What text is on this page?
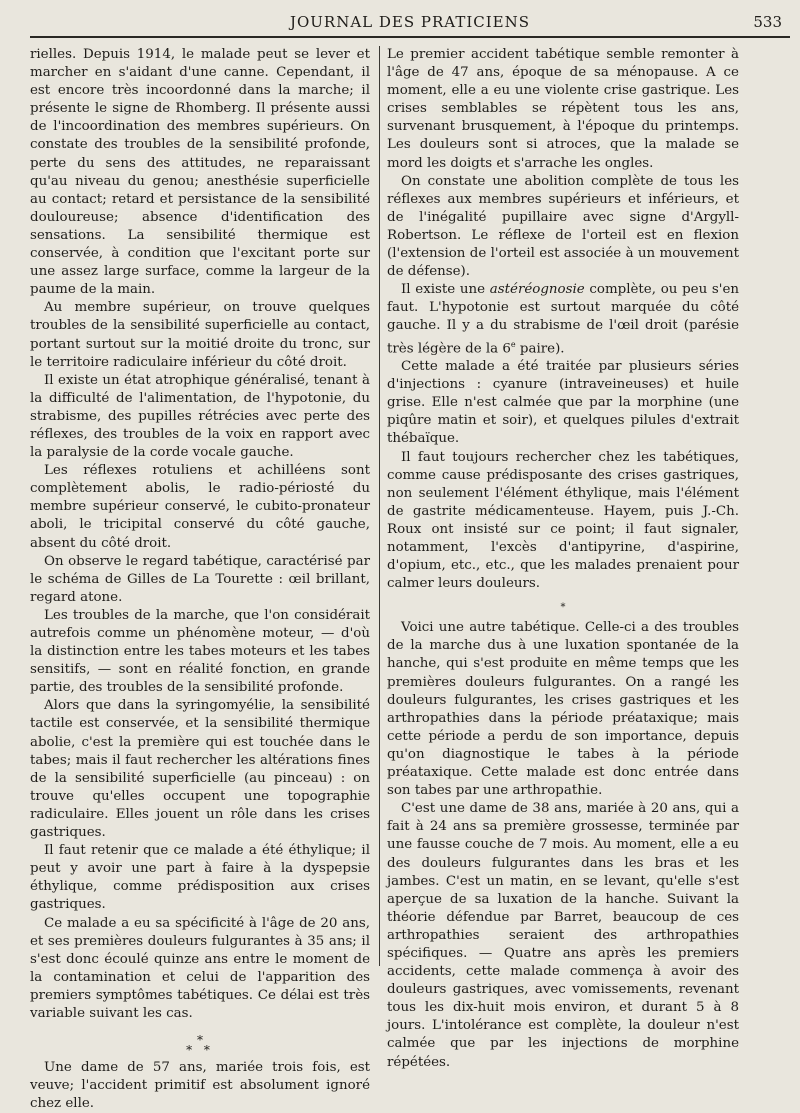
JOURNAL DES PRATICIENS	533

rielles. Depuis 1914, le malade peut se lever et marcher en s'aidant d'une canne. Cependant, il est encore très incoordonné dans la marche; il présente le signe de Rhomberg. Il présente aussi de l'incoordination des membres supérieurs. On constate des troubles de la sensibilité profonde, perte du sens des attitudes, ne reparaissant qu'au niveau du genou; anesthésie superficielle au contact; retard et persistance de la sensibilité douloureuse; absence d'identification des sensations. La sensibilité thermique est conservée, à condition que l'excitant porte sur une assez large surface, comme la largeur de la paume de la main.

Au membre supérieur, on trouve quelques troubles de la sensibilité superficielle au contact, portant surtout sur la moitié droite du tronc, sur le territoire radiculaire inférieur du côté droit.

Il existe un état atrophique généralisé, tenant à la difficulté de l'alimentation, de l'hypotonie, du strabisme, des pupilles rétrécies avec perte des réflexes, des troubles de la voix en rapport avec la paralysie de la corde vocale gauche.

Les réflexes rotuliens et achilléens sont complètement abolis, le radio-périosté du membre supérieur conservé, le cubito-pronateur aboli, le tricipital conservé du côté gauche, absent du côté droit.

On observe le regard tabétique, caractérisé par le schéma de Gilles de La Tourette : œil brillant, regard atone.

Les troubles de la marche, que l'on considérait autrefois comme un phénomène moteur, — d'où la distinction entre les tabes moteurs et les tabes sensitifs, — sont en réalité fonction, en grande partie, des troubles de la sensibilité profonde.

Alors que dans la syringomyélie, la sensibilité tactile est conservée, et la sensibilité thermique abolie, c'est la première qui est touchée dans le tabes; mais il faut rechercher les altérations fines de la sensibilité superficielle (au pinceau) : on trouve qu'elles occupent une topographie radiculaire. Elles jouent un rôle dans les crises gastriques.

Il faut retenir que ce malade a été éthylique; il peut y avoir une part à faire à la dyspepsie éthylique, comme prédisposition aux crises gastriques.

Ce malade a eu sa spécificité à l'âge de 20 ans, et ses premières douleurs fulgurantes à 35 ans; il s'est donc écoulé quinze ans entre le moment de la contamination et celui de l'apparition des premiers symptômes tabétiques. Ce délai est très variable suivant les cas.

*
* *

Une dame de 57 ans, mariée trois fois, est veuve; l'accident primitif est absolument ignoré chez elle.

Le premier accident tabétique semble remonter à l'âge de 47 ans, époque de sa ménopause. A ce moment, elle a eu une violente crise gastrique. Les crises semblables se répètent tous les ans, survenant brusquement, à l'époque du printemps. Les douleurs sont si atroces, que la malade se mord les doigts et s'arrache les ongles.

On constate une abolition complète de tous les réflexes aux membres supérieurs et inférieurs, et de l'inégalité pupillaire avec signe d'Argyll-Robertson. Le réflexe de l'orteil est en flexion (l'extension de l'orteil est associée à un mouvement de défense).

Il existe une astéréognosie complète, ou peu s'en faut. L'hypotonie est surtout marquée du côté gauche. Il y a du strabisme de l'œil droit (parésie très légère de la 6e paire).

Cette malade a été traitée par plusieurs séries d'injections : cyanure (intraveineuses) et huile grise. Elle n'est calmée que par la morphine (une piqûre matin et soir), et quelques pilules d'extrait thébaïque.

Il faut toujours rechercher chez les tabétiques, comme cause prédisposante des crises gastriques, non seulement l'élément éthylique, mais l'élément de gastrite médicamenteuse. Hayem, puis J.-Ch. Roux ont insisté sur ce point; il faut signaler, notamment, l'excès d'antipyrine, d'aspirine, d'opium, etc., etc., que les malades prenaient pour calmer leurs douleurs.

*

Voici une autre tabétique. Celle-ci a des troubles de la marche dus à une luxation spontanée de la hanche, qui s'est produite en même temps que les premières douleurs fulgurantes. On a rangé les douleurs fulgurantes, les crises gastriques et les arthropathies dans la période préataxique; mais cette période a perdu de son importance, depuis qu'on diagnostique le tabes à la période préataxique. Cette malade est donc entrée dans son tabes par une arthropathie.

C'est une dame de 38 ans, mariée à 20 ans, qui a fait à 24 ans sa première grossesse, terminée par une fausse couche de 7 mois. Au moment, elle a eu des douleurs fulgurantes dans les bras et les jambes. C'est un matin, en se levant, qu'elle s'est aperçue de sa luxation de la hanche. Suivant la théorie défendue par Barret, beaucoup de ces arthropathies seraient des arthropathies spécifiques. — Quatre ans après les premiers accidents, cette malade commença à avoir des douleurs gastriques, avec vomissements, revenant tous les dix-huit mois environ, et durant 5 à 8 jours. L'intolérance est complète, la douleur n'est calmée que par les injections de morphine répétées.
